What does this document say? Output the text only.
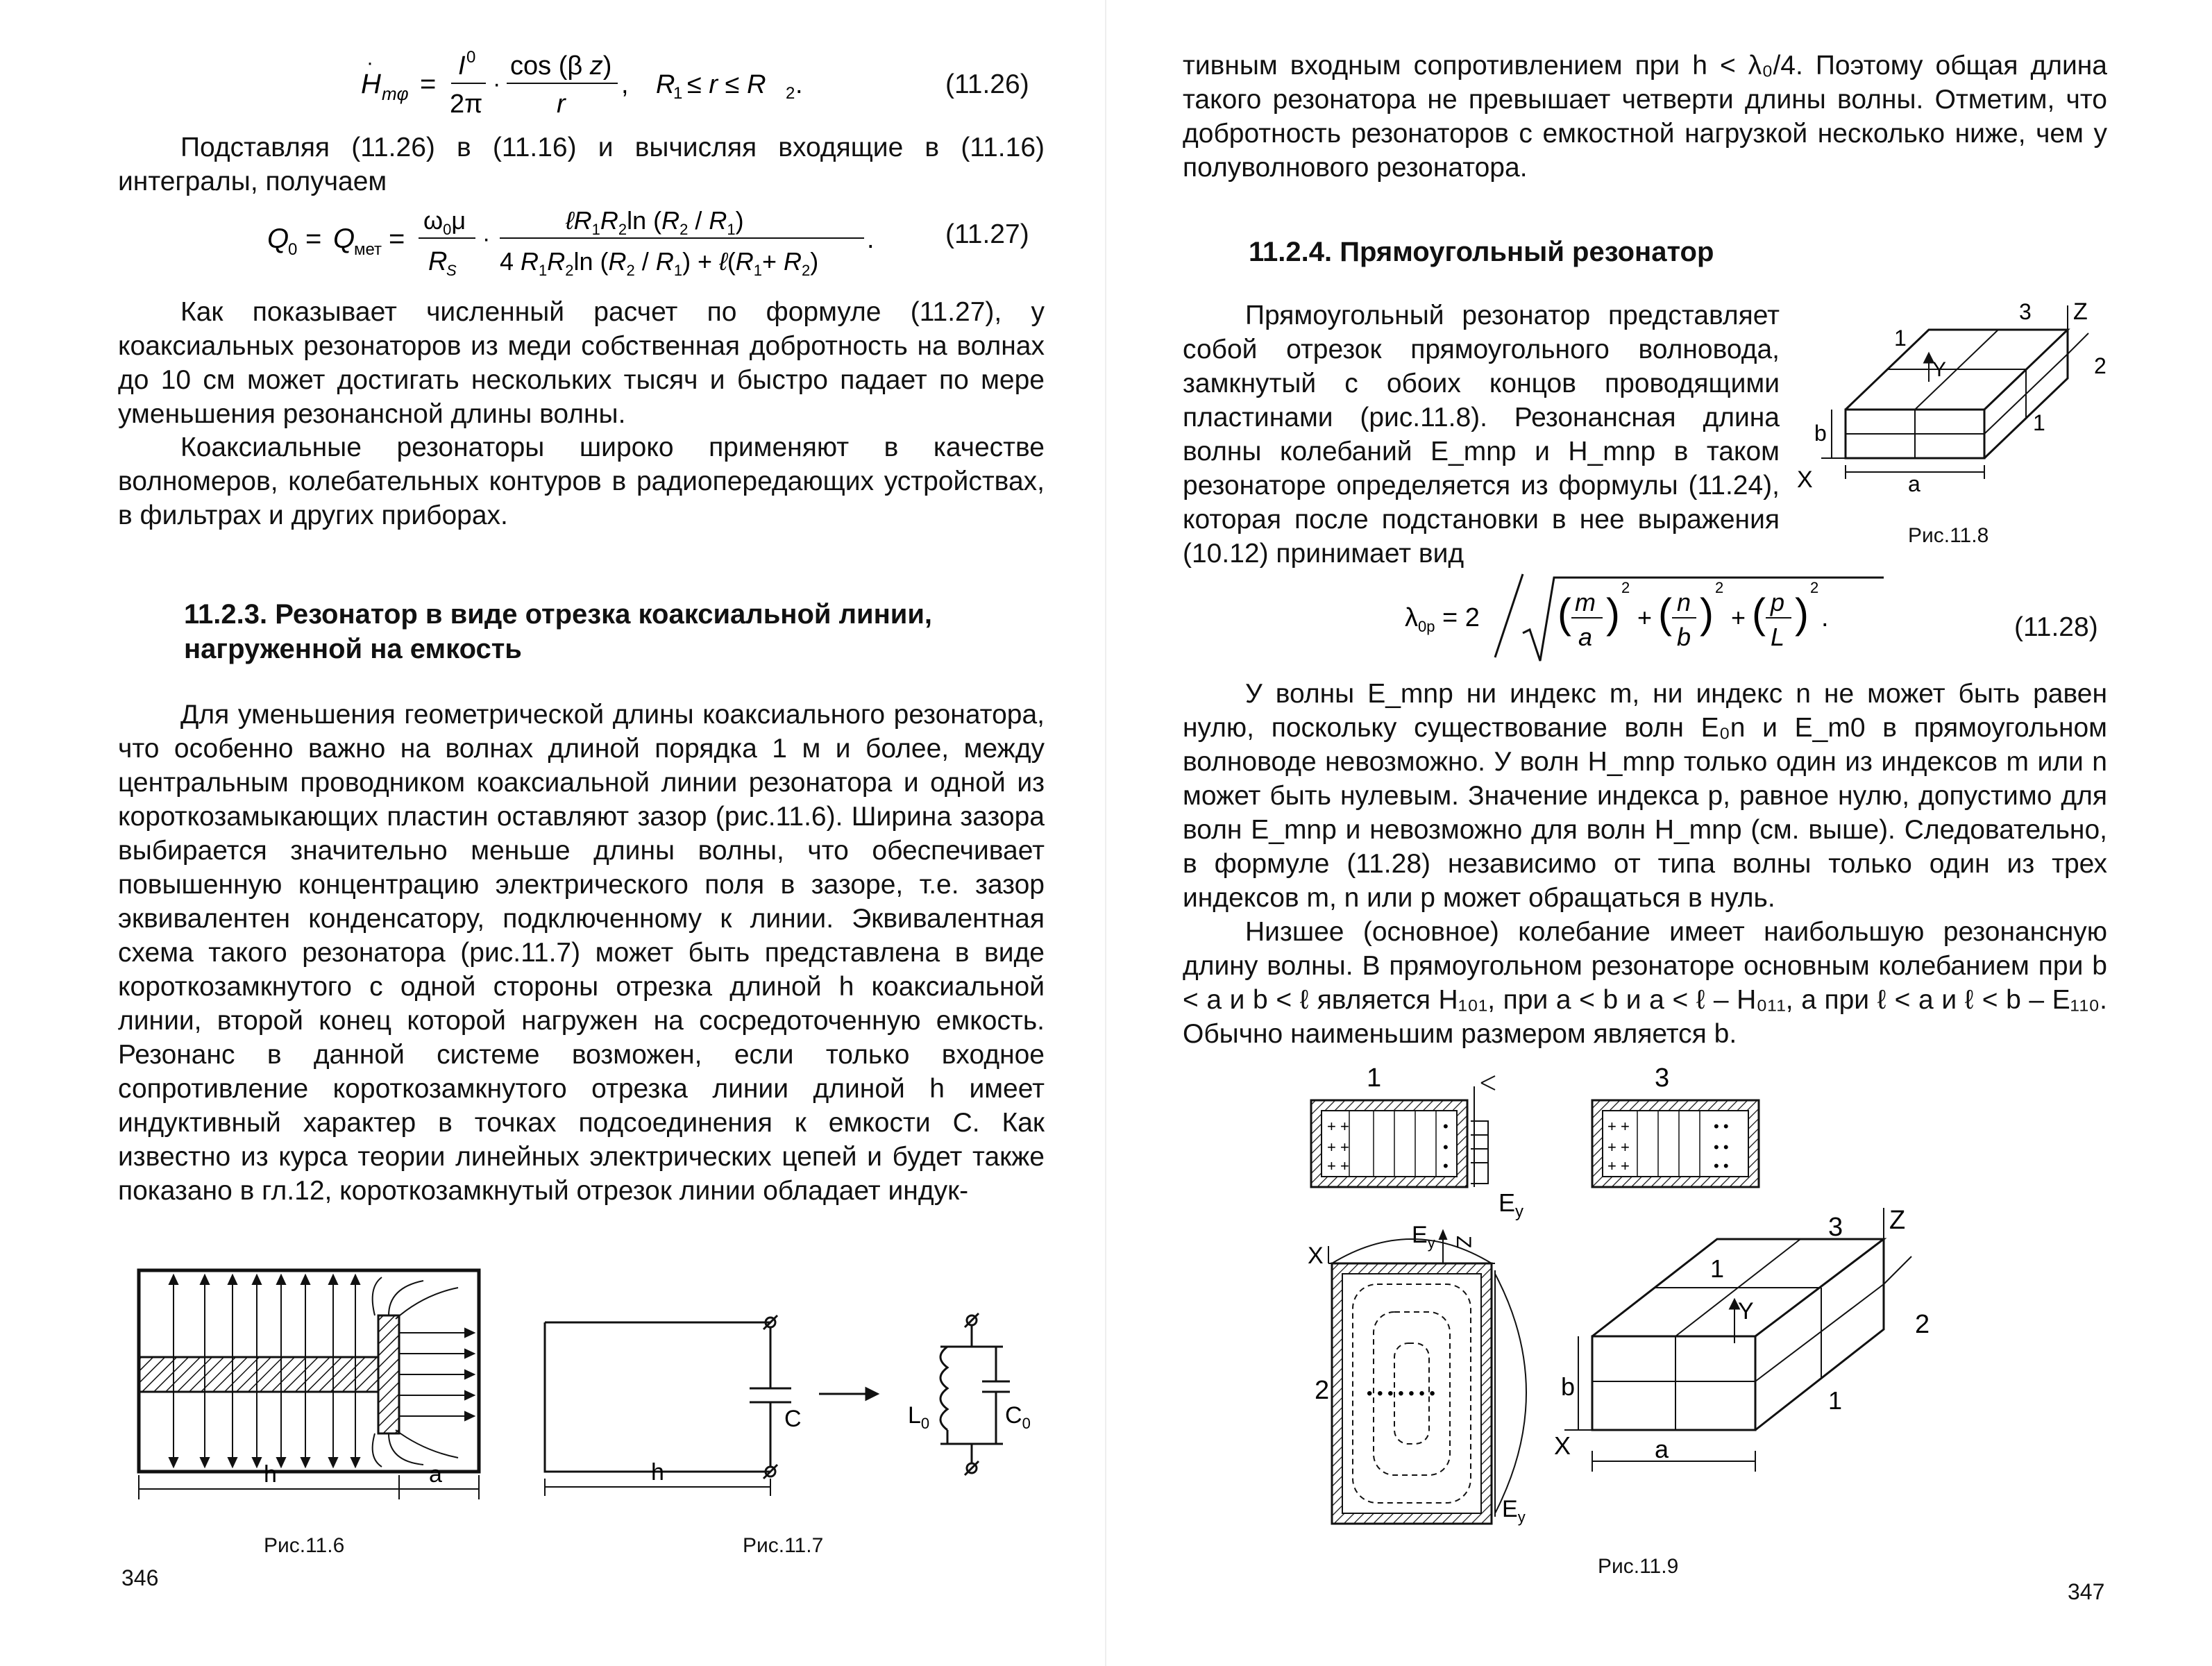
H
·
mφ =
I 0
2π
·
cos (β z)
r
, R
1 ≤ r ≤ R 2 .	(11.26)

Подставляя (11.26) в (11.16) и вычисляя входящие в (11.16) интегралы, получаем

Q
0 = Q
мет =
$\omega_0\mu$
R
S
·
$\ell R_1R_2\ln$ $(R_2 / R_1)$
4 $R_1R_2\ln$ $(R_2 / R_1)$ + $\ell(R_1+ R_2)$
.	(11.27)

Как показывает численный расчет по формуле (11.27), у коаксиальных резонаторов из меди собственная добротность на волнах до 10 см может достигать нескольких тысяч и быстро падает по мере уменьшения резонансной длины волны.

Коаксиальные резонаторы широко применяют в качестве волномеров, колебательных контуров в радиопередающих устройствах, в фильтрах и других приборах.

11.2.3. Резонатор в виде отрезка коаксиальной линии, нагруженной на емкость

Для уменьшения геометрической длины коаксиального резонатора, что особенно важно на волнах длиной порядка 1 м и более, между центральным проводником коаксиальной линии резонатора и одной из короткозамыкающих пластин оставляют зазор (рис.11.6). Ширина зазора выбирается значительно меньше длины волны, что обеспечивает повышенную концентрацию электрического поля в зазоре, т.е. зазор эквивалентен конденсатору, подключенному к линии. Эквивалентная схема такого резонатора (рис.11.7) может быть представлена в виде короткозамкнутого с одной стороны отрезка длиной h коаксиальной линии, второй конец которой нагружен на сосредоточенную емкость. Резонанс в данной системе возможен, если только входное сопротивление короткозамкнутого отрезка линии длиной h имеет индуктивный характер в точках подсоединения к емкости C. Как известно из курса теории линейных электрических цепей и будет также показано в гл.12, короткозамкнутый отрезок линии обладает индук-

h	a
Рис.11.6
C	$L_0$	$C_0$
h
Рис.11.7
346

тивным входным сопротивлением при h < λ₀/4. Поэтому общая длина такого резонатора не превышает четверти длины волны. Отметим, что добротность резонаторов с емкостной нагрузкой несколько ниже, чем у полуволнового резонатора.

11.2.4. Прямоугольный резонатор

Прямоугольный резонатор представляет собой отрезок прямоугольного волновода, замкнутый с обоих концов проводящими пластинами (рис.11.8). Резонансная длина волны колебаний E_mnp и H_mnp в таком резонаторе определяется из формулы (11.24), которая после подстановки в нее выражения (10.12) принимает вид

Z
Y
X
b
a
1
2
3
1
Рис.11.8
$\lambda_{0p} = 2$ ( m
a
)
2
+ ( n
b
)
2
+ ( p
L
)
2
.	(11.28)

У волны E_mnp ни индекс m, ни индекс n не может быть равен нулю, поскольку существование волн E₀n и E_m0 в прямоугольном волноводе невозможно. У волн H_mnp только один из индексов m или n может быть нулевым. Значение индекса p, равное нулю, допустимо для волн E_mnp и невозможно для волн H_mnp (см. выше). Следовательно, в формуле (11.28) независимо от типа волны только один из трех индексов m, n или p может обращаться в нуль.

Низшее (основное) колебание имеет наибольшую резонансную длину волны. В прямоугольном резонаторе основным колебанием при b < a и b < ℓ является H₁₀₁, при a < b и a < ℓ – H₀₁₁, а при ℓ < a и ℓ < b – E₁₁₀. Обычно наименьшим размером является b.

1
+ +
+ +
+ +
•
•
•
$E_y$
3
+ +
+ +
+ +
• •
• •
• •
X
$E_y$
• • • • • • •
2
$E_y$
Z
Z
Y
b
a
X
1
2
3
1
Рис.11.9
347
